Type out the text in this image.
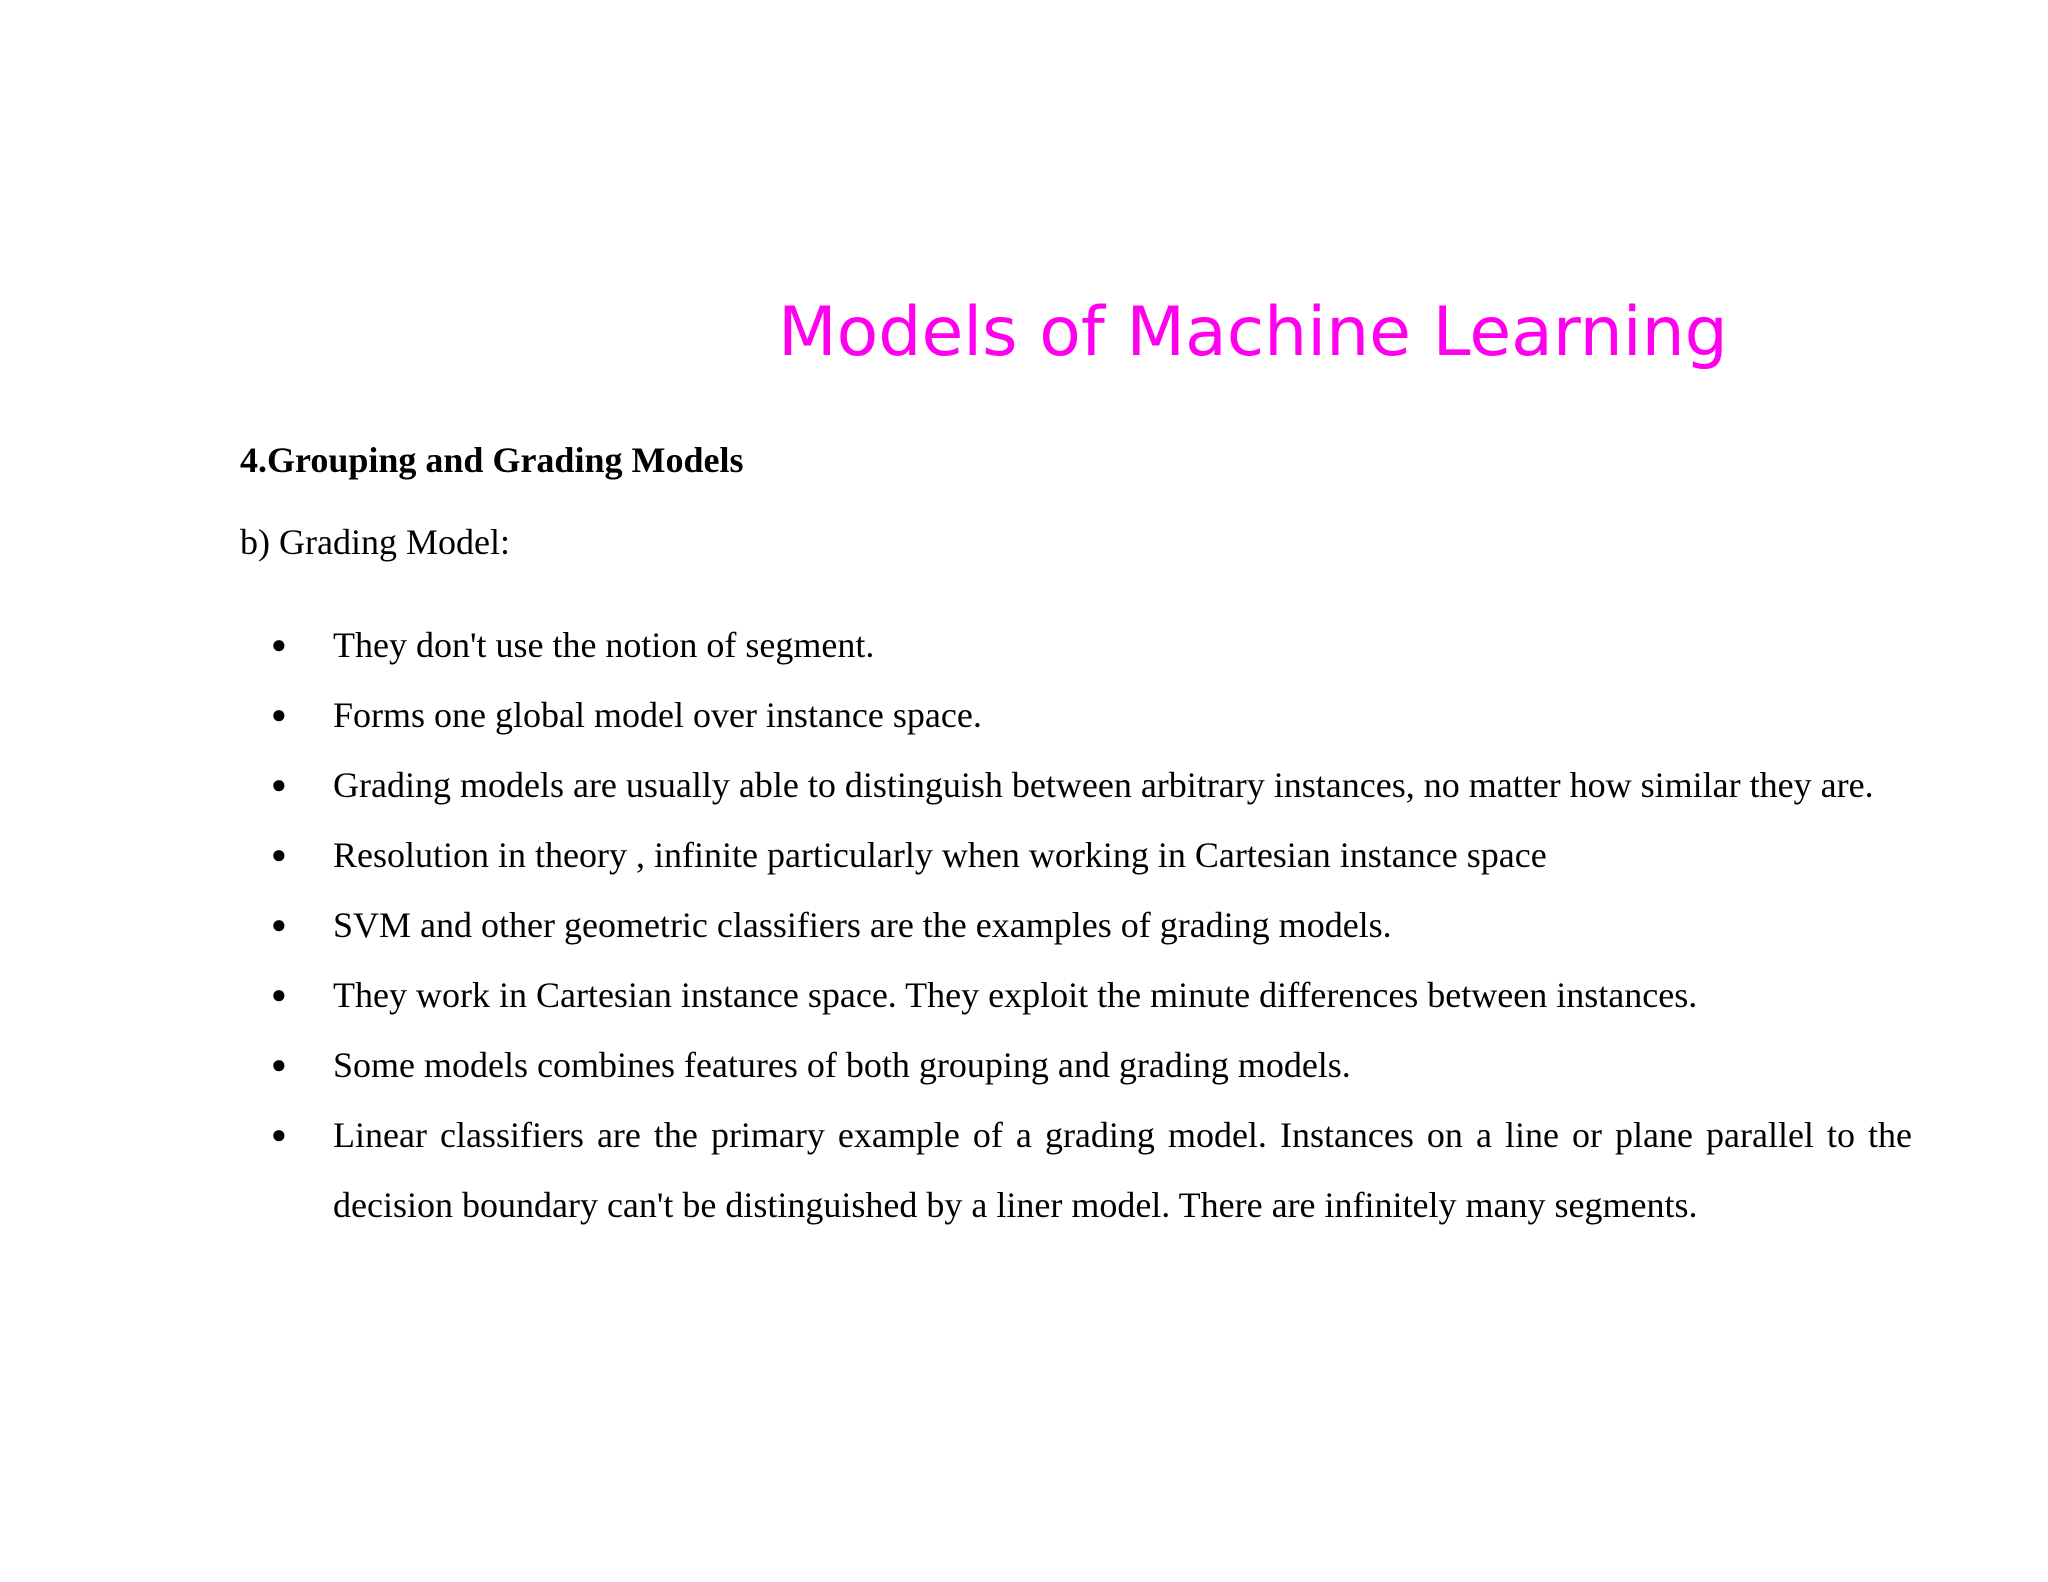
Models of Machine Learning

4.Grouping and Grading Models

b) Grading Model:

● They don't use the notion of segment.
● Forms one global model over instance space.
● Grading models are usually able to distinguish between arbitrary instances, no matter how similar they are.
● Resolution in theory , infinite particularly when working in Cartesian instance space
● SVM and other geometric classifiers are the examples of grading models.
● They work in Cartesian instance space. They exploit the minute differences between instances.
● Some models combines features of both grouping and grading models.
● Linear classifiers are the primary example of a grading model. Instances on a line or plane parallel to the decision boundary can't be distinguished by a liner model. There are infinitely many segments.
